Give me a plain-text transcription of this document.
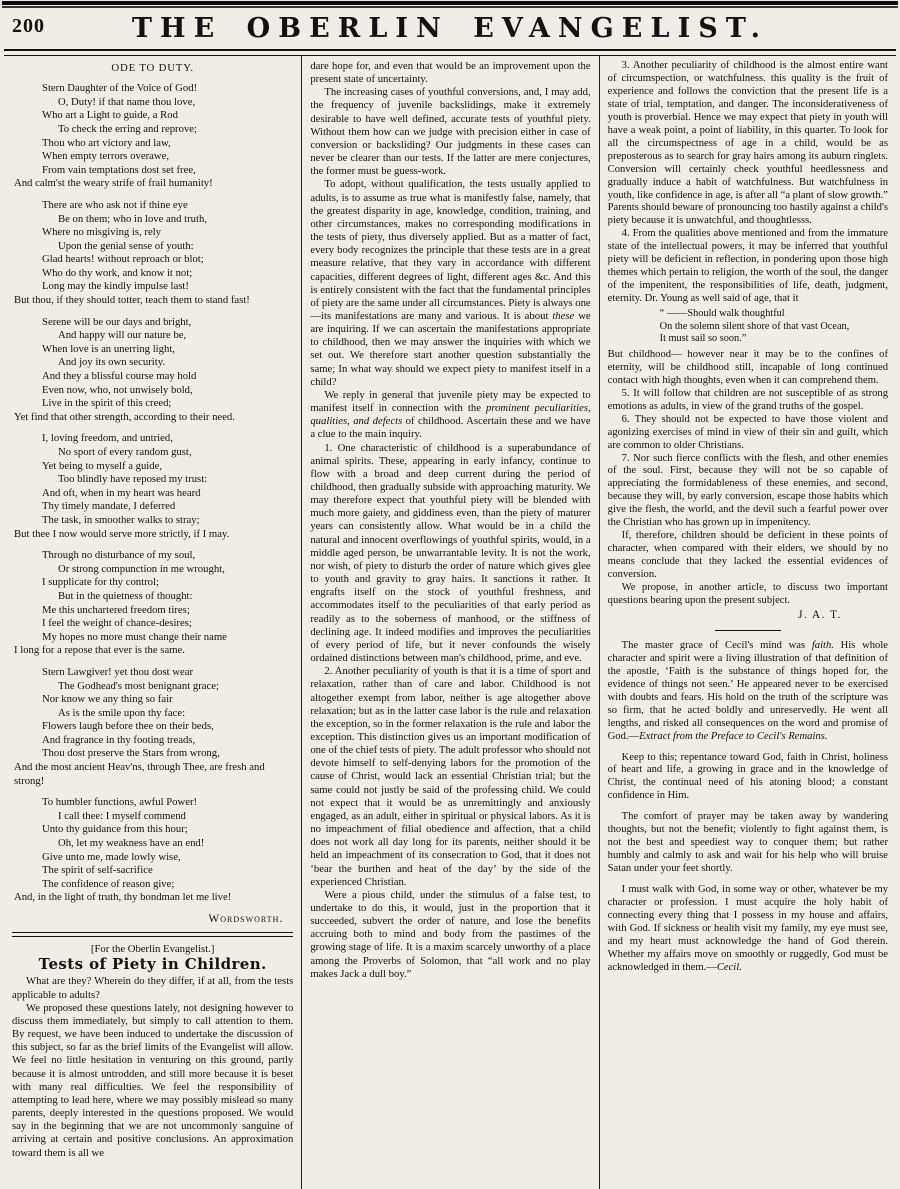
200	THE OBERLIN EVANGELIST.
ODE TO DUTY.
Stern Daughter of the Voice of God!
O, Duty! if that name thou love,
Who art a Light to guide, a Rod
To check the erring and reprove;
Thou who art victory and law,
When empty terrors overawe,
From vain temptations dost set free,
And calm'st the weary strife of frail humanity!
There are who ask not if thine eye
Be on them; who in love and truth,
Where no misgiving is, rely
Upon the genial sense of youth:
Glad hearts! without reproach or blot;
Who do thy work, and know it not;
Long may the kindly impulse last!
But thou, if they should totter, teach them to stand fast!
Serene will be our days and bright,
And happy will our nature be,
When love is an unerring light,
And joy its own security.
And they a blissful course may hold
Even now, who, not unwisely bold,
Live in the spirit of this creed;
Yet find that other strength, according to their need.
I, loving freedom, and untried,
No sport of every random gust,
Yet being to myself a guide,
Too blindly have reposed my trust:
And oft, when in my heart was heard
Thy timely mandate, I deferred
The task, in smoother walks to stray;
But thee I now would serve more strictly, if I may.
Through no disturbance of my soul,
Or strong compunction in me wrought,
I supplicate for thy control;
But in the quietness of thought:
Me this unchartered freedom tires;
I feel the weight of chance-desires;
My hopes no more must change their name
I long for a repose that ever is the same.
Stern Lawgiver! yet thou dost wear
The Godhead's most benignant grace;
Nor know we any thing so fair
As is the smile upon thy face:
Flowers laugh before thee on their beds,
And fragrance in thy footing treads,
Thou dost preserve the Stars from wrong,
And the most ancient Heav'ns, through Thee, are fresh and strong!
To humbler functions, awful Power!
I call thee: I myself commend
Unto thy guidance from this hour;
Oh, let my weakness have an end!
Give unto me, made lowly wise,
The spirit of self-sacrifice
The confidence of reason give;
And, in the light of truth, thy bondman let me live!
Wordsworth.
[For the Oberlin Evangelist.]
Tests of Piety in Children.

What are they? Wherein do they differ, if at all, from the tests applicable to adults?

We proposed these questions lately, not designing however to discuss them immediately, but simply to call attention to them. By request, we have been induced to undertake the discussion of this subject, so far as the brief limits of the Evangelist will allow. We feel no little hesitation in venturing on this ground, partly because it is almost untrodden, and still more because it is beset with many real difficulties. We feel the responsibility of attempting to lead here, where we may possibly mislead so many parents, deeply interested in the questions proposed. We would say in the beginning that we are not uncommonly sanguine of arriving at certain and positive conclusions. An approximation toward them is all we

dare hope for, and even that would be an improvement upon the present state of uncertainty.

The increasing cases of youthful conversions, and, I may add, the frequency of juvenile backslidings, make it extremely desirable to have well defined, accurate tests of youthful piety. Without them how can we judge with precision either in case of conversion or backsliding? Our judgments in these cases can never be clearer than our tests. If the latter are mere conjectures, the former must be guess-work.

To adopt, without qualification, the tests usually applied to adults, is to assume as true what is manifestly false, namely, that the greatest disparity in age, knowledge, condition, training, and other circumstances, makes no corresponding modifications in the tests of piety, thus diversely applied. But as a matter of fact, every body recognizes the principle that these tests are in a great measure relative, that they vary in accordance with different capacities, different degrees of light, different ages &c. And this is entirely consistent with the fact that the fundamental principles of piety are the same under all circumstances. Piety is always one—its manifestations are many and various. It is about these we are inquiring. If we can ascertain the manifestations appropriate to childhood, then we may answer the inquiries with which we set out. We therefore start another question substantially the same; In what way should we expect piety to manifest itself in a child?

We reply in general that juvenile piety may be expected to manifest itself in connection with the prominent peculiarities, qualities, and defects of childhood. Ascertain these and we have a clue to the main inquiry.

1. One characteristic of childhood is a superabundance of animal spirits. These, appearing in early infancy, continue to flow with a broad and deep current during the period of childhood, then gradually subside with approaching maturity. We may therefore expect that youthful piety will be blended with much more gaiety, and giddiness even, than the piety of maturer years can consistently allow. What would be in a child the natural and innocent overflowings of youthful spirits, would, in a middle aged person, be unwarrantable levity. It is not the work, nor wish, of piety to disturb the order of nature which gives glee to youth and gravity to gray hairs. It sanctions it rather. It engrafts itself on the stock of youthful freshness, and accommodates itself to the peculiarities of that early period as readily as to the soberness of manhood, or the stiffness of declining age. It indeed modifies and improves the peculiarities of every period of life, but it never confounds the wisely ordained distinctions between man's childhood, prime, and eve.

2. Another peculiarity of youth is that it is a time of sport and relaxation, rather than of care and labor. Childhood is not altogether exempt from labor, neither is age altogether above relaxation; but as in the latter case labor is the rule and relaxation the exception, so in the former relaxation is the rule and labor the exception. This distinction gives us an important modification of one of the chief tests of piety. The adult professor who should not devote himself to self-denying labors for the promotion of the cause of Christ, would lack an essential Christian trial; but the same could not justly be said of the professing child. We could not expect that it would be as unremittingly and anxiously engaged, as an adult, either in spiritual or physical labors. As it is no impeachment of filial obedience and affection, that a child does not work all day long for its parents, neither should it be held an impeachment of its consecration to God, that it does not ‘bear the burthen and heat of the day’ by the side of the experienced Christian.

Were a pious child, under the stimulus of a false test, to undertake to do this, it would, just in the proportion that it succeeded, subvert the order of nature, and lose the benefits accruing both to mind and body from the pastimes of the growing stage of life. It is a maxim scarcely unworthy of a place among the Proverbs of Solomon, that “all work and no play makes Jack a dull boy.”

3. Another peculiarity of childhood is the almost entire want of circumspection, or watchfulness. this quality is the fruit of experience and follows the conviction that the present life is a state of trial, temptation, and danger. The inconsiderativeness of youth is proverbial. Hence we may expect that piety in youth will have a weak point, a point of liability, in this quarter. To look for all the circumspectness of age in a child, would be as preposterous as to search for gray hairs among its auburn ringlets. Conversion will certainly check youthful heedlessness and gradually induce a habit of watchfulness. But watchfulness in youth, like confidence in age, is after all “a plant of slow growth.” Parents should beware of pronouncing too hastily against a child's piety because it is unwatchful, and thoughtlesss.

4. From the qualities above mentioned and from the immature state of the intellectual powers, it may be inferred that youthful piety will be deficient in reflection, in pondering upon those high themes which pertain to religion, the worth of the soul, the danger of the impenitent, the responsibilities of life, death, judgment, eternity. Dr. Young as well said of age, that it

“ ——Should walk thoughtful
On the solemn silent shore of that vast Ocean,
It must sail so soon.”

But childhood— however near it may be to the confines of eternity, will be childhood still, incapable of long continued contact with high thoughts, even when it can comprehend them.

5. It will follow that children are not susceptible of as strong emotions as adults, in view of the grand truths of the gospel.

6. They should not be expected to have those violent and agonizing exercises of mind in view of their sin and guilt, which are common to older Christians.

7. Nor such fierce conflicts with the flesh, and other enemies of the soul. First, because they will not be so capable of appreciating the formidableness of these enemies, and second, because they will, by early conversion, escape those habits which give the flesh, the world, and the devil such a fearful power over the Christian who has grown up in impenitency.

If, therefore, children should be deficient in these points of character, when compared with their elders, we should by no means conclude that they lacked the essential evidences of conversion.

We propose, in another article, to discuss two important questions bearing upon the present subject.

J. A. T.

The master grace of Cecil's mind was faith. His whole character and spirit were a living illustration of that definition of the apostle, ‘Faith is the substance of things hoped for, the evidence of things not seen.’ He appeared never to be exercised with doubts and fears. His hold on the truth of the scripture was so firm, that he acted boldly and unreservedly. He went all lengths, and risked all consequences on the word and promise of God.—Extract from the Preface to Cecil's Remains.

Keep to this; repentance toward God, faith in Christ, holiness of heart and life, a growing in grace and in the knowledge of Christ, the continual need of his atoning blood; a constant confidence in Him.

The comfort of prayer may be taken away by wandering thoughts, but not the benefit; violently to fight against them, is not the best and speediest way to conquer them; but rather humbly and calmly to ask and wait for his help who will bruise Satan under your feet shortly.

I must walk with God, in some way or other, whatever be my character or profession. I must acquire the holy habit of connecting every thing that I possess in my house and affairs, with God. If sickness or health visit my family, my eye must see, and my heart must acknowledge the hand of God therein. Whether my affairs move on smoothly or ruggedly, God must be acknowledged in them.—Cecil.
